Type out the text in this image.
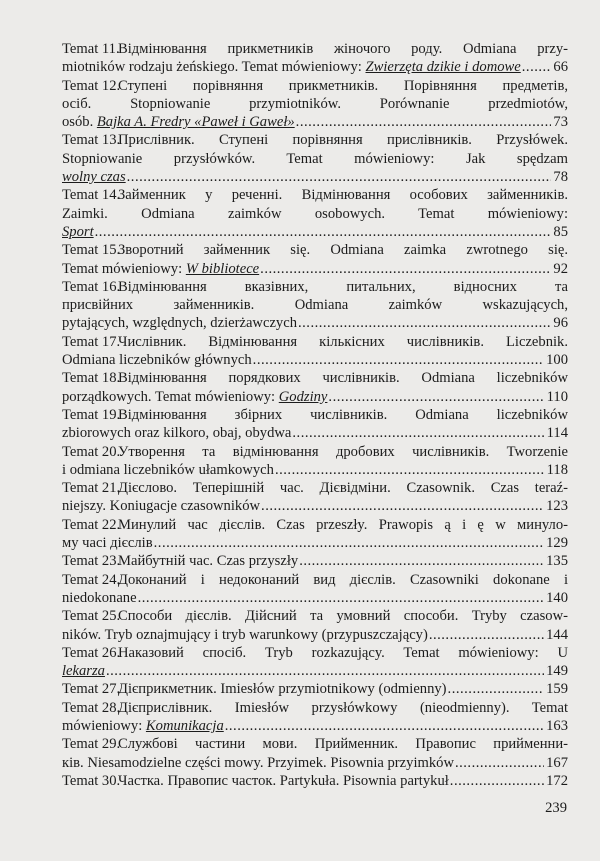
Temat 11.
Відмінювання прикметників жіночого роду. Odmiana przy-
miotników rodzaju żeńskiego. Temat mówieniowy: Zwierzęta dzikie i domowe ..... 66
Temat 12.
Ступені порівняння прикметників. Порівняння предметів,
осіб. Stopniowanie przymiotników. Porównanie przedmiotów,
osób. Bajka A. Fredry «Paweł i Gaweł» .....	73
Temat 13.
Прислівник. Ступені порівняння прислівників. Przysłówek.
Stopniowanie przysłówków. Temat mówieniowy: Jak spędzam
wolny czas .....	78
Temat 14.
Займенник у реченні. Відмінювання особових займенників.
Zaimki. Odmiana zaimków osobowych. Temat mówieniowy:
Sport .....	85
Temat 15.
Зворотний займенник się. Odmiana zaimka zwrotnego się.
Temat mówieniowy: W bibliotece .....	92
Temat 16.
Відмінювання вказівних, питальних, відносних та
присвійних займенників. Odmiana zaimków wskazujących,
pytających, względnych, dzierżawczych .....	96
Temat 17.
Числівник. Відмінювання кількісних числівників. Liczebnik.
Odmiana liczebników głównych .....	100
Temat 18.
Відмінювання порядкових числівників. Odmiana liczebników
porządkowych. Temat mówieniowy: Godziny .....	110
Temat 19.
Відмінювання збірних числівників. Odmiana liczebników
zbiorowych oraz kilkoro, obaj, obydwa .....	114
Temat 20.
Утворення та відмінювання дробових числівників. Tworzenie
i odmiana liczebników ułamkowych .....	118
Temat 21.
Дієслово. Теперішній час. Дієвідміни. Czasownik. Czas teraź-
niejszy. Koniugacje czasowników .....	123
Temat 22.
Минулий час дієслів. Czas przeszły. Prawopis ą i ę w минуло-
му часі дієслів .....	129
Temat 23.
Майбутній час. Czas przyszły .....	135
Temat 24.
Доконаний і недоконаний вид дієслів. Czasowniki dokonane i
niedokonane .....	140
Temat 25.
Способи дієслів. Дійсний та умовний способи. Tryby czasow-
ników. Tryb oznajmujący i tryb warunkowy (przypuszczający) .....	144
Temat 26.
Наказовий спосіб. Tryb rozkazujący. Temat mówieniowy: U
lekarza .....	149
Temat 27.
Дієприкметник. Imiesłów przymiotnikowy (odmienny) .....	159
Temat 28.
Дієприслівник. Imiesłów przysłówkowy (nieodmienny). Temat
mówieniowy: Komunikacja .....	163
Temat 29.
Службові частини мови. Прийменник. Правопис прийменни-
ків. Niesamodzielne części mowy. Przyimek. Pisownia przyimków .....	167
Temat 30.
Частка. Правопис часток. Partykuła. Pisownia partykuł .....	172
239
